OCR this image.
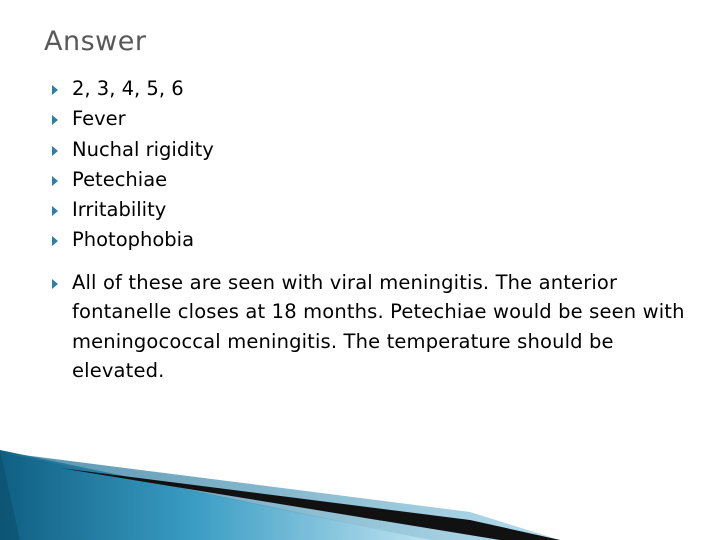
Answer
2, 3, 4, 5, 6
Fever
Nuchal rigidity
Petechiae
Irritability
Photophobia
All of these are seen with viral meningitis. The anterior fontanelle closes at 18 months. Petechiae would be seen with meningococcal meningitis. The temperature should be elevated.
